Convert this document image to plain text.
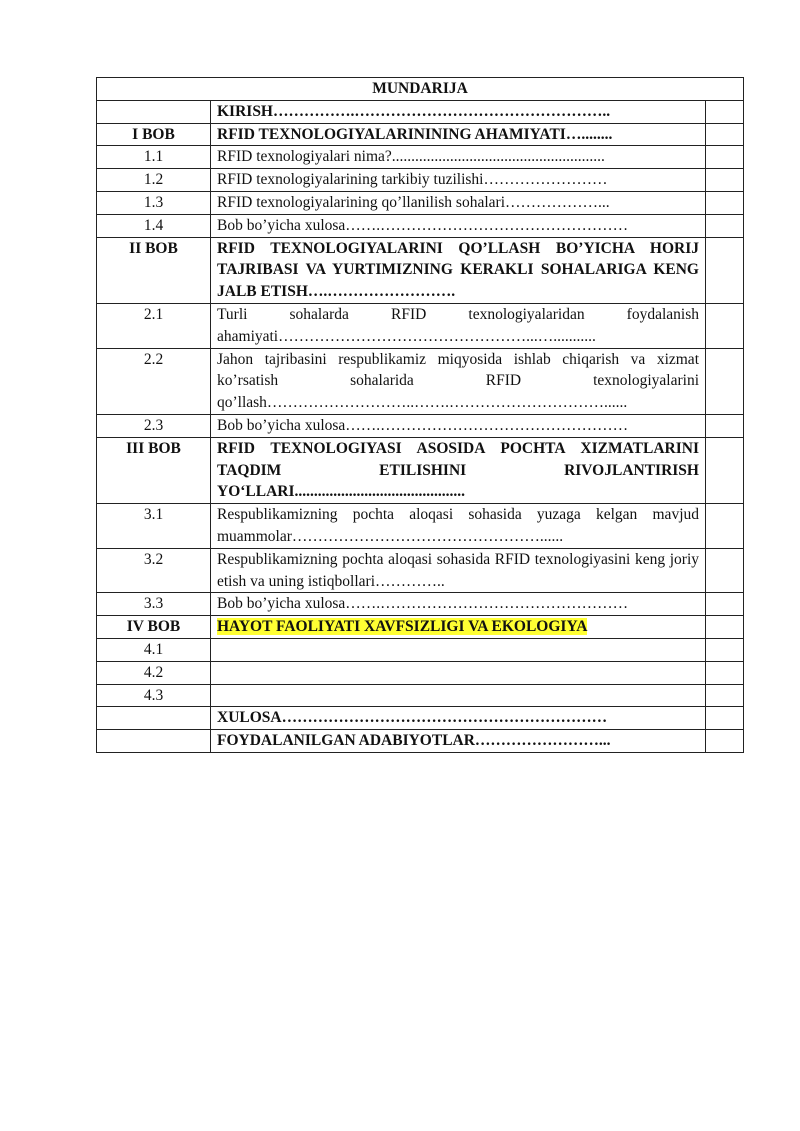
MUNDARIJA		
	KIRISH…………….…………………………………………..	
I BOB	RFID TEXNOLOGIYALARININING AHAMIYATI…........	
1.1	RFID texnologiyalari nima?.......................................................	
1.2	RFID texnologiyalarining tarkibiy tuzilishi……………………	
1.3	RFID texnologiyalarining qo’llanilish sohalari………………...	
1.4	Bob bo’yicha xulosa…….…………………………………………	
II BOB	RFID TEXNOLOGIYALARINI QO’LLASH BO’YICHA HORIJ TAJRIBASI VA YURTIMIZNING KERAKLI SOHALARIGA KENG JALB ETISH….…………………….	
2.1	Turli sohalarda RFID texnologiyalaridan foydalanish ahamiyati…………………………………………...…...........	
2.2	Jahon tajribasini respublikamiz miqyosida ishlab chiqarish va xizmat ko’rsatish sohalarida RFID texnologiyalarini qo’llash………………………..…….…………………………......	
2.3	Bob bo’yicha xulosa…….…………………………………………	
III BOB	RFID TEXNOLOGIYASI ASOSIDA POCHTA XIZMATLARINI TAQDIM ETILISHINI RIVOJLANTIRISH YO‘LLARI............................................	
3.1	Respublikamizning pochta aloqasi sohasida yuzaga kelgan mavjud muammolar…………………………………………......	
3.2	Respublikamizning pochta aloqasi sohasida RFID texnologiyasini keng joriy etish va uning istiqbollari…………..	
3.3	Bob bo’yicha xulosa…….…………………………………………	
IV BOB	HAYOT FAOLIYATI XAVFSIZLIGI VA EKOLOGIYA	
4.1		
4.2		
4.3		
	XULOSA………………………………………………………	
	FOYDALANILGAN ADABIYOTLAR……………………...	
